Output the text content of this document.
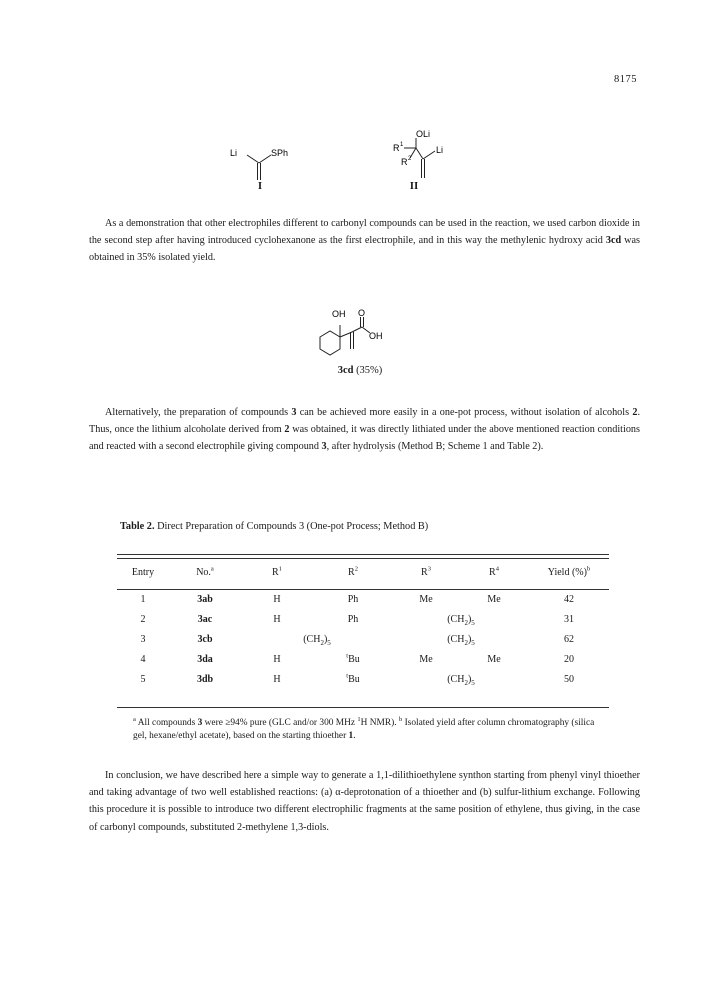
8175
Li	SPh
I
OLi
R 1
R 2
Li
II

As a demonstration that other electrophiles different to carbonyl compounds can be used in the reaction, we used carbon dioxide in the second step after having introduced cyclohexanone as the first electrophile, and in this way the methylenic hydroxy acid 3cd was obtained in 35% isolated yield.

OH O
OH
3cd (35%)

Alternatively, the preparation of compounds 3 can be achieved more easily in a one-pot process, without isolation of alcohols 2. Thus, once the lithium alcoholate derived from 2 was obtained, it was directly lithiated under the above mentioned reaction conditions and reacted with a second electrophile giving compound 3, after hydrolysis (Method B; Scheme 1 and Table 2).

Table 2. Direct Preparation of Compounds 3 (One-pot Process; Method B)
Entry	No.$^a$	$R^1$	$R^2$	$R^3$	$R^4$	Yield (%)$^b$
1	3ab	H	Ph	Me	Me	42
2	3ac	H	Ph	$(CH_2)_5$		31
3	3cb	$(CH_2)_5$		$(CH_2)_5$		62
4	3da	H	$^t$Bu	Me	Me	20
5	3db	H	$^t$Bu	$(CH_2)_5$		50
$^a$ All compounds 3 were ≥94% pure (GLC and/or 300 MHz $^1$H NMR). $^b$ Isolated yield after column chromatography (silica gel, hexane/ethyl acetate), based on the starting thioether 1.

In conclusion, we have described here a simple way to generate a 1,1-dilithioethylene synthon starting from phenyl vinyl thioether and taking advantage of two well established reactions: (a) α-deprotonation of a thioether and (b) sulfur-lithium exchange. Following this procedure it is possible to introduce two different electrophilic fragments at the same position of ethylene, thus giving, in the case of carbonyl compounds, substituted 2-methylene 1,3-diols.
